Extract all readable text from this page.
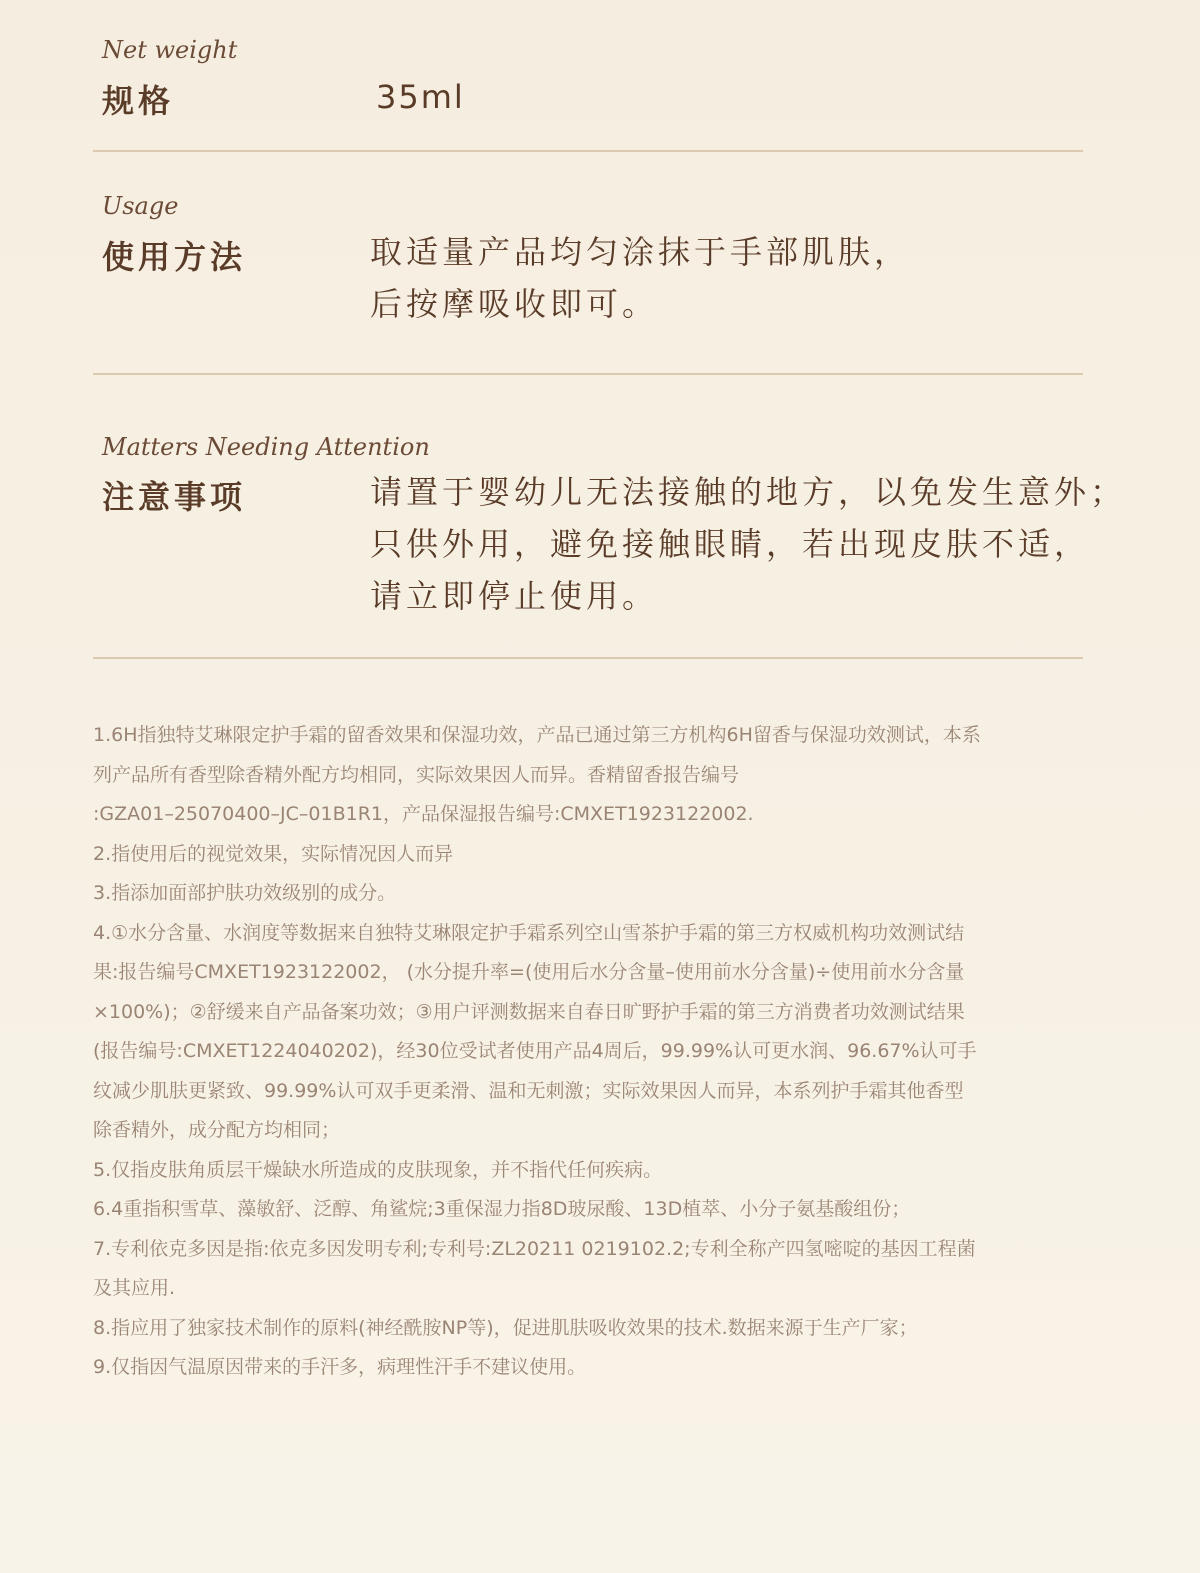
Net weight
规格	35ml
Usage
使用方法	取适量产品均匀涂抹于手部肌肤，
后按摩吸收即可。
Matters Needing Attention
注意事项	请置于婴幼儿无法接触的地方，以免发生意外；
只供外用，避免接触眼睛，若出现皮肤不适，
请立即停止使用。
1.6H指独特艾琳限定护手霜的留香效果和保湿功效，产品已通过第三方机构6H留香与保湿功效测试，本系
列产品所有香型除香精外配方均相同，实际效果因人而异。香精留香报告编号
:GZA01–25070400–JC–01B1R1，产品保湿报告编号:CMXET1923122002.
2.指使用后的视觉效果，实际情况因人而异
3.指添加面部护肤功效级别的成分。
4.①水分含量、水润度等数据来自独特艾琳限定护手霜系列空山雪茶护手霜的第三方权威机构功效测试结
果:报告编号CMXET1923122002， (水分提升率=(使用后水分含量–使用前水分含量)÷使用前水分含量
×100%)；②舒缓来自产品备案功效；③用户评测数据来自春日旷野护手霜的第三方消费者功效测试结果
(报告编号:CMXET1224040202)，经30位受试者使用产品4周后，99.99%认可更水润、96.67%认可手
纹减少肌肤更紧致、99.99%认可双手更柔滑、温和无刺激；实际效果因人而异，本系列护手霜其他香型
除香精外，成分配方均相同；
5.仅指皮肤角质层干燥缺水所造成的皮肤现象，并不指代任何疾病。
6.4重指积雪草、藻敏舒、泛醇、角鲨烷;3重保湿力指8D玻尿酸、13D植萃、小分子氨基酸组份；
7.专利依克多因是指:依克多因发明专利;专利号:ZL20211 0219102.2;专利全称产四氢嘧啶的基因工程菌
及其应用.
8.指应用了独家技术制作的原料(神经酰胺NP等)，促进肌肤吸收效果的技术.数据来源于生产厂家；
9.仅指因气温原因带来的手汗多，病理性汗手不建议使用。
